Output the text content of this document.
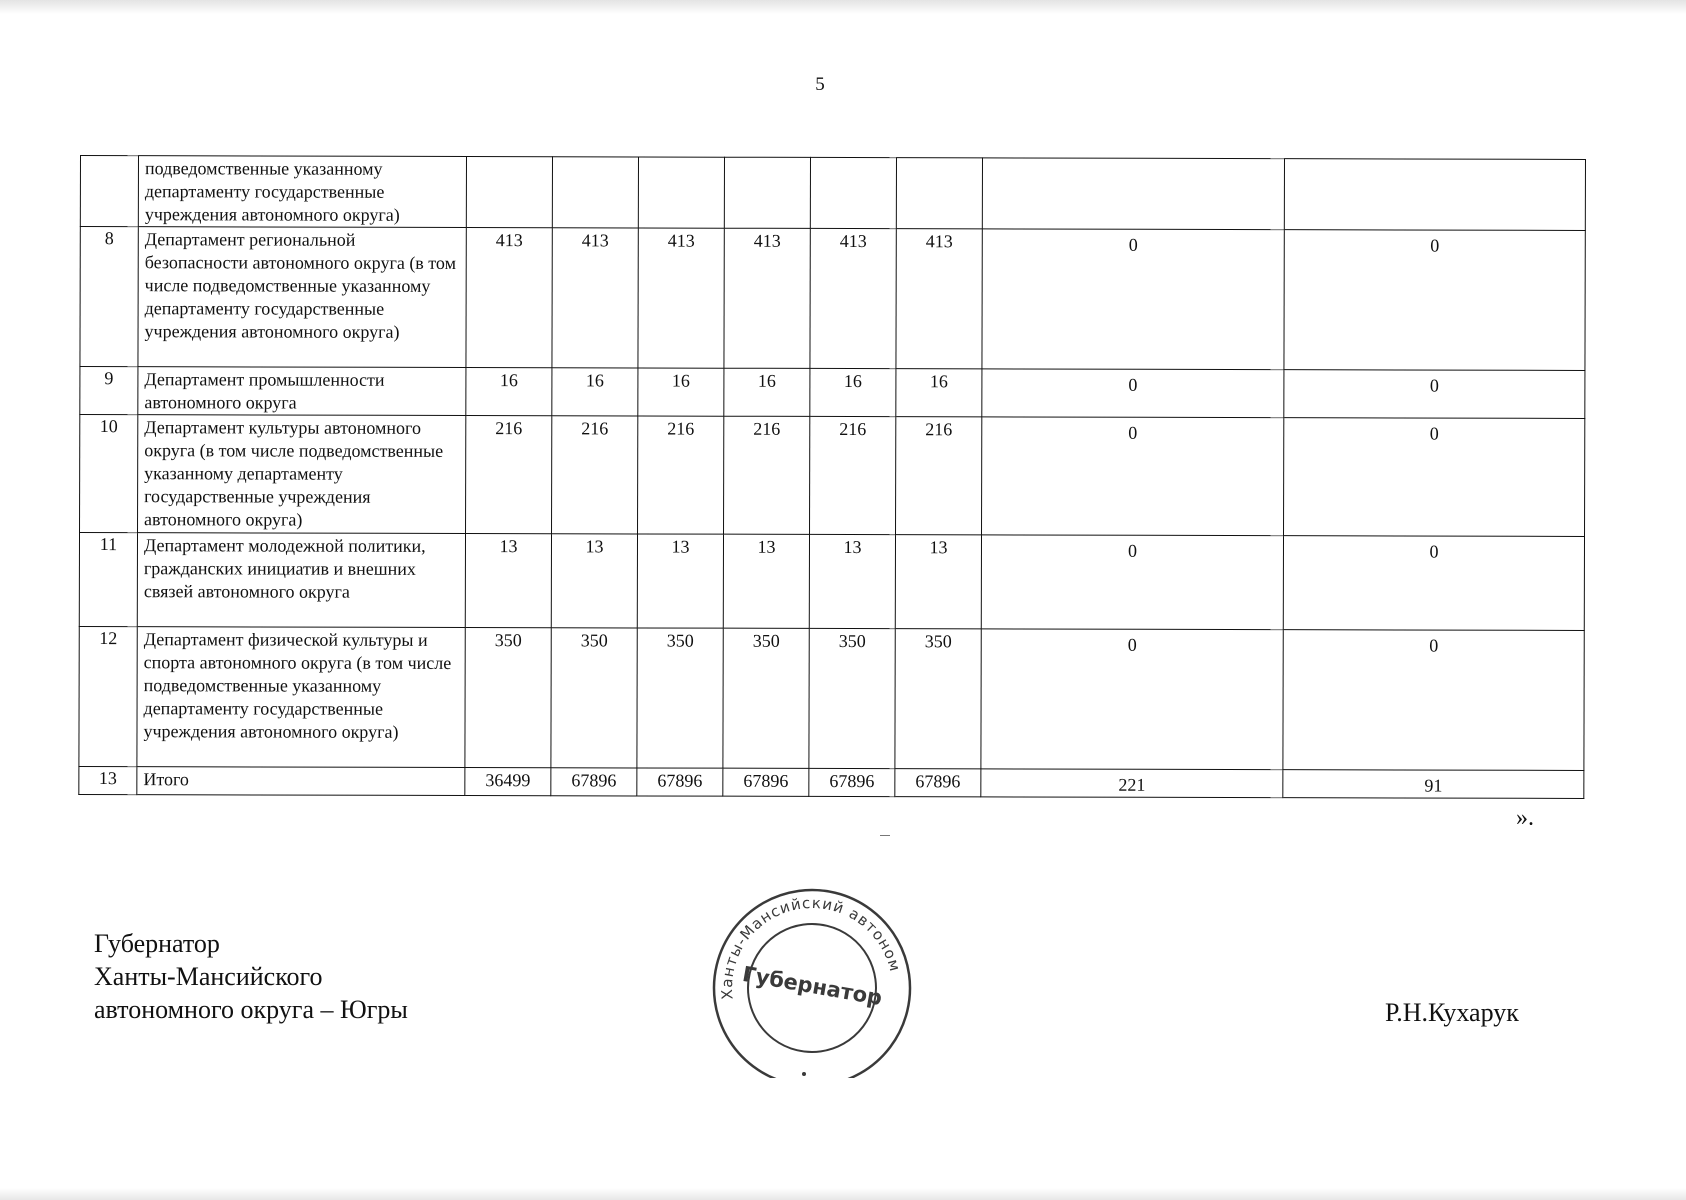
5
	подведомственные указанному департаменту государственные учреждения автономного округа)								
8	Департамент региональной безопасности автономного округа (в том числе подведомственные указанному департаменту государственные учреждения автономного округа)	413	413	413	413	413	413	0	0
9	Департамент промышленности автономного округа	16	16	16	16	16	16	0	0
10	Департамент культуры автономного округа (в том числе подведомственные указанному департаменту государственные учреждения автономного округа)	216	216	216	216	216	216	0	0
11	Департамент молодежной политики, гражданских инициатив и внешних связей автономного округа	13	13	13	13	13	13	0	0
12	Департамент физической культуры и спорта автономного округа (в том числе подведомственные указанному департаменту государственные учреждения автономного округа)	350	350	350	350	350	350	0	0
13	Итого	36499	67896	67896	67896	67896	67896	221	91
».
Губернатор
Ханты-Мансийского
автономного округа – Югры	Р.Н.Кухарук
Ханты-Мансийский автономный
Губернатор
